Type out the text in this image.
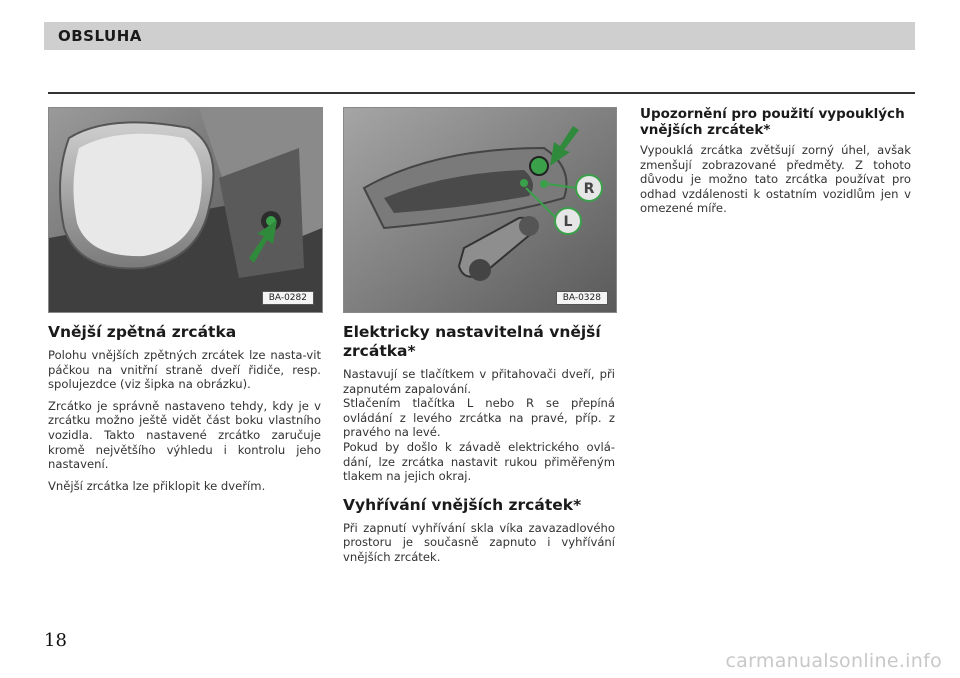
OBSLUHA
BA-0282
R
L
BA-0328
Vnější zpětná zrcátka

Polohu vnějších zpětných zrcátek lze nasta-vit páčkou na vnitřní straně dveří řidiče, resp. spolujezdce (viz šipka na obrázku).

Zrcátko je správně nastaveno tehdy, kdy je v zrcátku možno ještě vidět část boku vlastního vozidla. Takto nastavené zrcátko zaručuje kromě největšího výhledu i kontrolu jeho nastavení.

Vnější zrcátka lze přiklopit ke dveřím.

Elektricky nastavitelná vnější zrcátka*

Nastavují se tlačítkem v přitahovači dveří, při zapnutém zapalování.

Stlačením tlačítka L nebo R se přepíná ovládání z levého zrcátka na pravé, příp. z pravého na levé.

Pokud by došlo k závadě elektrického ovlá-dání, lze zrcátka nastavit rukou přiměřeným tlakem na jejich okraj.

Vyhřívání vnějších zrcátek*

Při zapnutí vyhřívání skla víka zavazadlového prostoru je současně zapnuto i vyhřívání vnějších zrcátek.

Upozornění pro použití vypouklých vnějších zrcátek*

Vypouklá zrcátka zvětšují zorný úhel, avšak zmenšují zobrazované předměty. Z tohoto důvodu je možno tato zrcátka používat pro odhad vzdálenosti k ostatním vozidlům jen v omezené míře.

18
carmanualsonline.info
